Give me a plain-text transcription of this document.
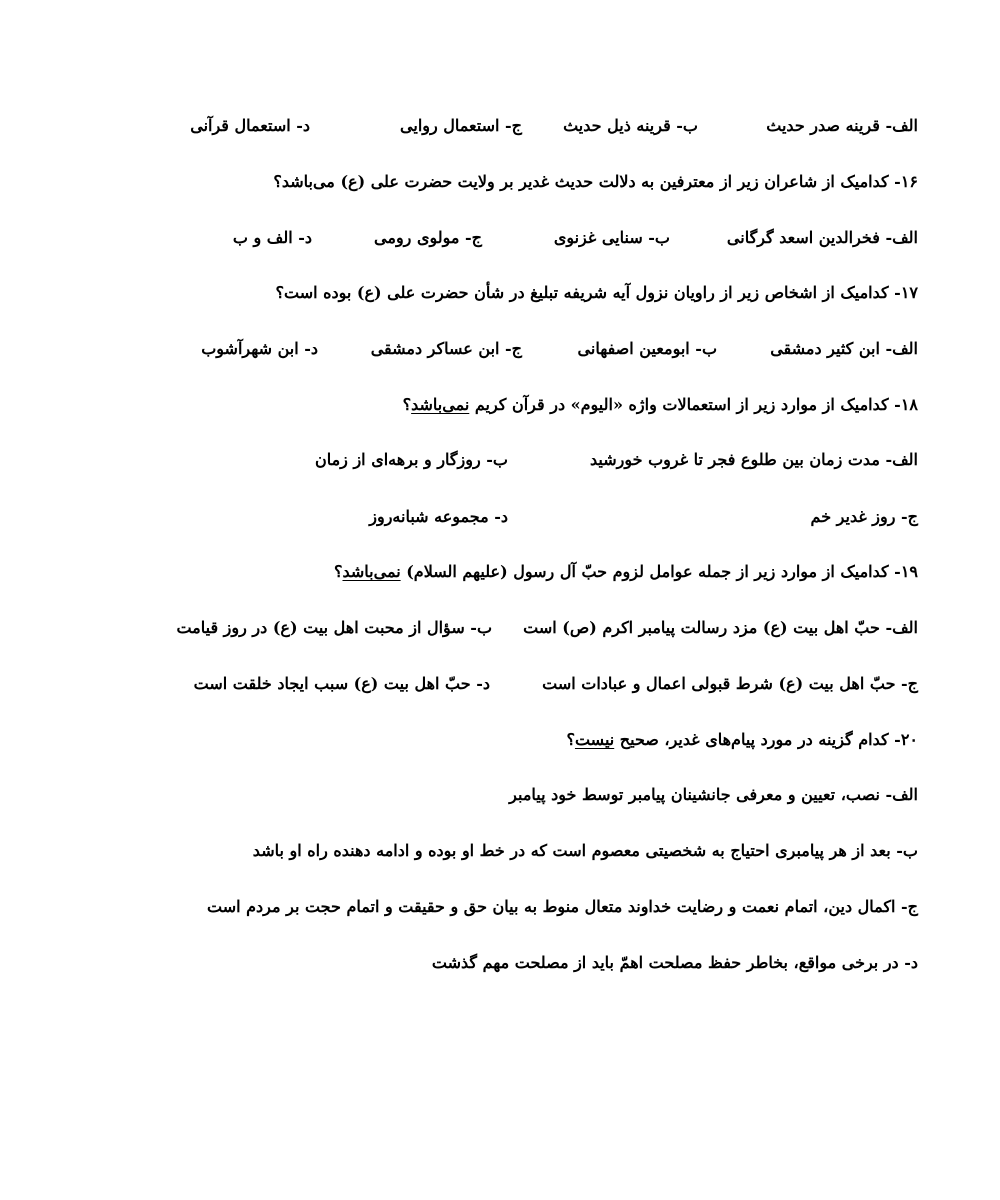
الف- قرینه صدر حدیث
ب- قرینه ذیل حدیث
ج- استعمال روایی
د- استعمال قرآنی
۱۶- کدامیک از شاعران زیر از معترفین به دلالت حدیث غدیر بر ولایت حضرت علی (ع) می‌باشد؟
الف- فخرالدین اسعد گرگانی
ب- سنایی غزنوی
ج- مولوی رومی
د- الف و ب
۱۷- کدامیک از اشخاص زیر از راویان نزول آیه شریفه تبلیغ در شأن حضرت علی (ع) بوده است؟
الف- ابن کثیر دمشقی
ب- ابومعین اصفهانی
ج- ابن عساکر دمشقی
د- ابن شهرآشوب
۱۸- کدامیک از موارد زیر از استعمالات واژه «الیوم» در قرآن کریم نمی‌باشد؟
الف- مدت زمان بین طلوع فجر تا غروب خورشید
ب- روزگار و برهه‌ای از زمان
ج- روز غدیر خم
د- مجموعه شبانه‌روز
۱۹- کدامیک از موارد زیر از جمله عوامل لزوم حبّ آل رسول (علیهم السلام) نمی‌باشد؟
الف- حبّ اهل بیت (ع) مزد رسالت پیامبر اکرم (ص) است
ب- سؤال از محبت اهل بیت (ع) در روز قیامت
ج- حبّ اهل بیت (ع) شرط قبولی اعمال و عبادات است
د- حبّ اهل بیت (ع) سبب ایجاد خلقت است
۲۰- کدام گزینه در مورد پیام‌های غدیر، صحیح نیست؟
الف- نصب، تعیین و معرفی جانشینان پیامبر توسط خود پیامبر
ب- بعد از هر پیامبری احتیاج به شخصیتی معصوم است که در خط او بوده و ادامه دهنده راه او باشد
ج- اکمال دین، اتمام نعمت و رضایت خداوند متعال منوط به بیان حق و حقیقت و اتمام حجت بر مردم است
د- در برخی مواقع، بخاطر حفظ مصلحت اهمّ باید از مصلحت مهم گذشت
